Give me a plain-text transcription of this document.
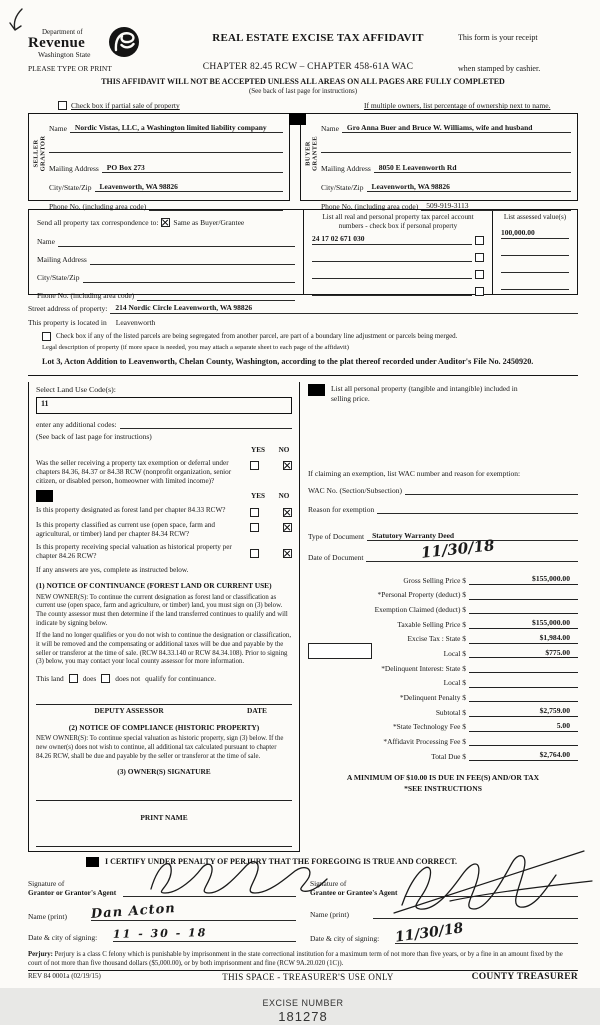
Department of
Revenue
Washington State
REAL ESTATE EXCISE TAX AFFIDAVIT	This form is your receipt
PLEASE TYPE OR PRINT	CHAPTER 82.45 RCW – CHAPTER 458-61A WAC	when stamped by cashier.
THIS AFFIDAVIT WILL NOT BE ACCEPTED UNLESS ALL AREAS ON ALL PAGES ARE FULLY COMPLETED
(See back of last page for instructions)
Check box if partial sale of property	If multiple owners, list percentage of ownership next to name.
SELLER GRANTOR
Name	Nordic Vistas, LLC, a Washington limited liability company
Mailing Address	PO Box 273
City/State/Zip	Leavenworth, WA 98826
Phone No. (including area code)
BUYER GRANTEE
Name	Gro Anna Buer and Bruce W. Williams, wife and husband
Mailing Address	8050 E Leavenworth Rd
City/State/Zip	Leavenworth, WA 98826
Phone No. (including area code)	509-919-3113
Send all property tax correspondence to: Same as Buyer/Grantee
Name
Mailing Address
City/State/Zip
Phone No. (including area code)
List all real and personal property tax parcel account numbers - check box if personal property
24 17 02 671 030
List assessed value(s)
100,000.00
Street address of property:	214 Nordic Circle Leavenworth, WA 98826
This property is located in	Leavenworth
Check box if any of the listed parcels are being segregated from another parcel, are part of a boundary line adjustment or parcels being merged.
Legal description of property (if more space is needed, you may attach a separate sheet to each page of the affidavit)
Lot 3, Acton Addition to Leavenworth, Chelan County, Washington, according to the plat thereof recorded under Auditor's File No. 2450920.
Select Land Use Code(s):
11
enter any additional codes:
(See back of last page for instructions)
YES	NO
Was the seller receiving a property tax exemption or deferral under chapters 84.36, 84.37 or 84.38 RCW (nonprofit organization, senior citizen, or disabled person, homeowner with limited income)?
YES	NO
Is this property designated as forest land per chapter 84.33 RCW?
Is this property classified as current use (open space, farm and agricultural, or timber) land per chapter 84.34 RCW?
Is this property receiving special valuation as historical property per chapter 84.26 RCW?
If any answers are yes, complete as instructed below.
(1) NOTICE OF CONTINUANCE (FOREST LAND OR CURRENT USE)
NEW OWNER(S): To continue the current designation as forest land or classification as current use (open space, farm and agriculture, or timber) land, you must sign on (3) below. The county assessor must then determine if the land transferred continues to qualify and will indicate by signing below.
If the land no longer qualifies or you do not wish to continue the designation or classification, it will be removed and the compensating or additional taxes will be due and payable by the seller or transferor at the time of sale. (RCW 84.33.140 or RCW 84.34.108). Prior to signing (3) below, you may contact your local county assessor for more information.
This land	does	does not qualify for continuance.
DEPUTY ASSESSOR	DATE
(2) NOTICE OF COMPLIANCE (HISTORIC PROPERTY)
NEW OWNER(S): To continue special valuation as historic property, sign (3) below. If the new owner(s) does not wish to continue, all additional tax calculated pursuant to chapter 84.26 RCW, shall be due and payable by the seller or transferor at the time of sale.
(3) OWNER(S) SIGNATURE
PRINT NAME
List all personal property (tangible and intangible) included in selling price.
If claiming an exemption, list WAC number and reason for exemption:
WAC No. (Section/Subsection)
Reason for exemption
Type of Document	Statutory Warranty Deed
Date of Document	11/30/18
Gross Selling Price $	$155,000.00
*Personal Property (deduct) $
Exemption Claimed (deduct) $
Taxable Selling Price $	$155,000.00
Excise Tax : State $	$1,984.00
Local $	$775.00
*Delinquent Interest: State $
Local $
*Delinquent Penalty $
Subtotal $	$2,759.00
*State Technology Fee $	5.00
*Affidavit Processing Fee $
Total Due $	$2,764.00
A MINIMUM OF $10.00 IS DUE IN FEE(S) AND/OR TAX
*SEE INSTRUCTIONS
I CERTIFY UNDER PENALTY OF PERJURY THAT THE FOREGOING IS TRUE AND CORRECT.
Signature of
Grantor or Grantor's Agent
Name (print)	Dan Acton
Date & city of signing:	11 - 30 - 18
Signature of
Grantee or Grantee's Agent
Name (print)
Date & city of signing:	11/30/18
Perjury: Perjury is a class C felony which is punishable by imprisonment in the state correctional institution for a maximum term of not more than five years, or by a fine in an amount fixed by the court of not more than five thousand dollars ($5,000.00), or by both imprisonment and fine (RCW 9A.20.020 (1C)).
REV 84 0001a (02/19/15)	THIS SPACE - TREASURER'S USE ONLY	COUNTY TREASURER
EXCISE NUMBER
181278
